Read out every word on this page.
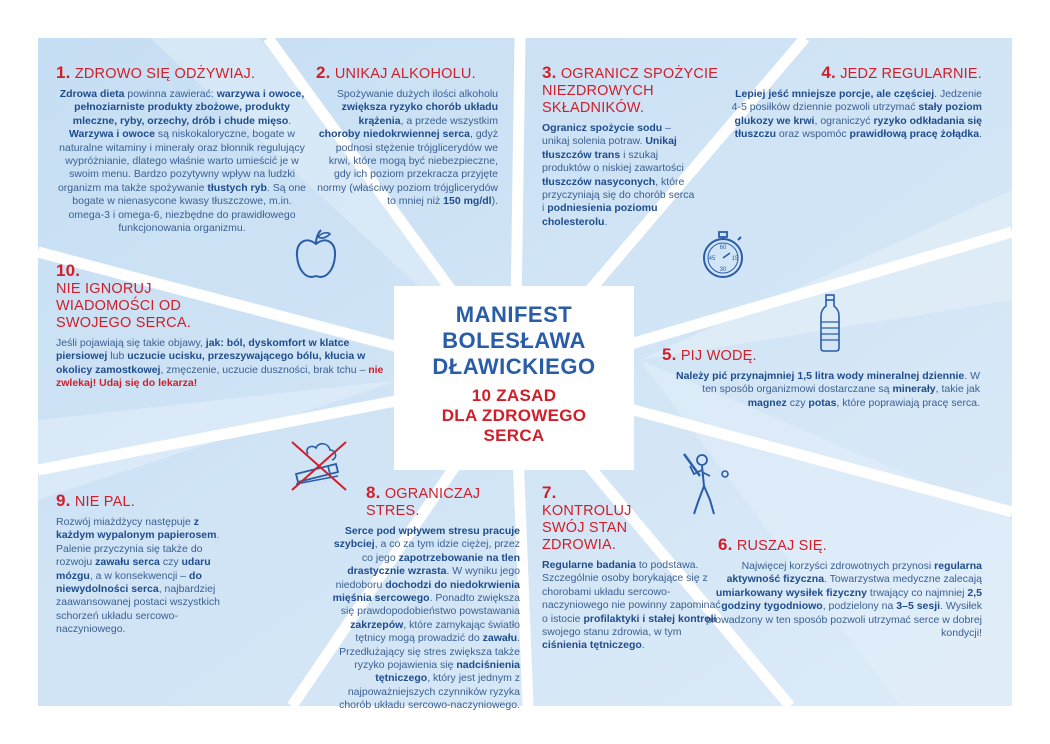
MANIFEST
BOLESŁAWA
DŁAWICKIEGO
10 ZASAD
DLA ZDROWEGO
SERCA
1. ZDROWO SIĘ ODŻYWIAJ.

Zdrowa dieta powinna zawierać: warzywa i owoce, pełnoziarniste produkty zbożowe, produkty mleczne, ryby, orzechy, drób i chude mięso. Warzywa i owoce są niskokaloryczne, bogate w naturalne witaminy i minerały oraz błonnik regulujący wypróżnianie, dlatego właśnie warto umieścić je w swoim menu. Bardzo pozytywny wpływ na ludzki organizm ma także spożywanie tłustych ryb. Są one bogate w nienasycone kwasy tłuszczowe, m.in. omega-3 i omega-6, niezbędne do prawidłowego funkcjonowania organizmu.

2. UNIKAJ ALKOHOLU.

Spożywanie dużych ilości alkoholu zwiększa ryzyko chorób układu krążenia, a przede wszystkim choroby niedokrwiennej serca, gdyż podnosi stężenie trójglicerydów we krwi, które mogą być niebezpieczne, gdy ich poziom przekracza przyjęte normy (właściwy poziom trójglicerydów to mniej niż 150 mg/dl).

3. OGRANICZ SPOŻYCIE NIEZDROWYCH SKŁADNIKÓW.

Ogranicz spożycie sodu – unikaj solenia potraw. Unikaj tłuszczów trans i szukaj produktów o niskiej zawartości tłuszczów nasyconych, które przyczyniają się do chorób serca i podniesienia poziomu cholesterolu.

4. JEDZ REGULARNIE.

Lepiej jeść mniejsze porcje, ale częściej. Jedzenie 4-5 posiłków dziennie pozwoli utrzymać stały poziom glukozy we krwi, ograniczyć ryzyko odkładania się tłuszczu oraz wspomóc prawidłową pracę żołądka.

60
15
30
45
5. PIJ WODĘ.

Należy pić przynajmniej 1,5 litra wody mineralnej dziennie. W ten sposób organizmowi dostarczane są minerały, takie jak magnez czy potas, które poprawiają pracę serca.

6. RUSZAJ SIĘ.

Najwięcej korzyści zdrowotnych przynosi regularna aktywność fizyczna. Towarzystwa medyczne zalecają umiarkowany wysiłek fizyczny trwający co najmniej 2,5 godziny tygodniowo, podzielony na 3–5 sesji. Wysiłek prowadzony w ten sposób pozwoli utrzymać serce w dobrej kondycji!

7.
KONTROLUJ SWÓJ STAN ZDROWIA.

Regularne badania to podstawa. Szczególnie osoby borykające się z chorobami układu sercowo-naczyniowego nie powinny zapominać o istocie profilaktyki i stałej kontroli swojego stanu zdrowia, w tym ciśnienia tętniczego.

8. OGRANICZAJ STRES.

Serce pod wpływem stresu pracuje szybciej, a co za tym idzie ciężej, przez co jego zapotrzebowanie na tlen drastycznie wzrasta. W wyniku jego niedoboru dochodzi do niedokrwienia mięśnia sercowego. Ponadto zwiększa się prawdopodobieństwo powstawania zakrzepów, które zamykając światło tętnicy mogą prowadzić do zawału. Przedłużający się stres zwiększa także ryzyko pojawienia się nadciśnienia tętniczego, który jest jednym z najpoważniejszych czynników ryzyka chorób układu sercowo-naczyniowego.

9. NIE PAL.

Rozwój miażdżycy następuje z każdym wypalonym papierosem. Palenie przyczynia się także do rozwoju zawału serca czy udaru mózgu, a w konsekwencji – do niewydolności serca, najbardziej zaawansowanej postaci wszystkich schorzeń układu sercowo-naczyniowego.

10.
NIE IGNORUJ WIADOMOŚCI OD SWOJEGO SERCA.

Jeśli pojawiają się takie objawy, jak: ból, dyskomfort w klatce piersiowej lub uczucie ucisku, przeszywającego bólu, kłucia w okolicy zamostkowej, zmęczenie, uczucie duszności, brak tchu – nie zwlekaj! Udaj się do lekarza!
